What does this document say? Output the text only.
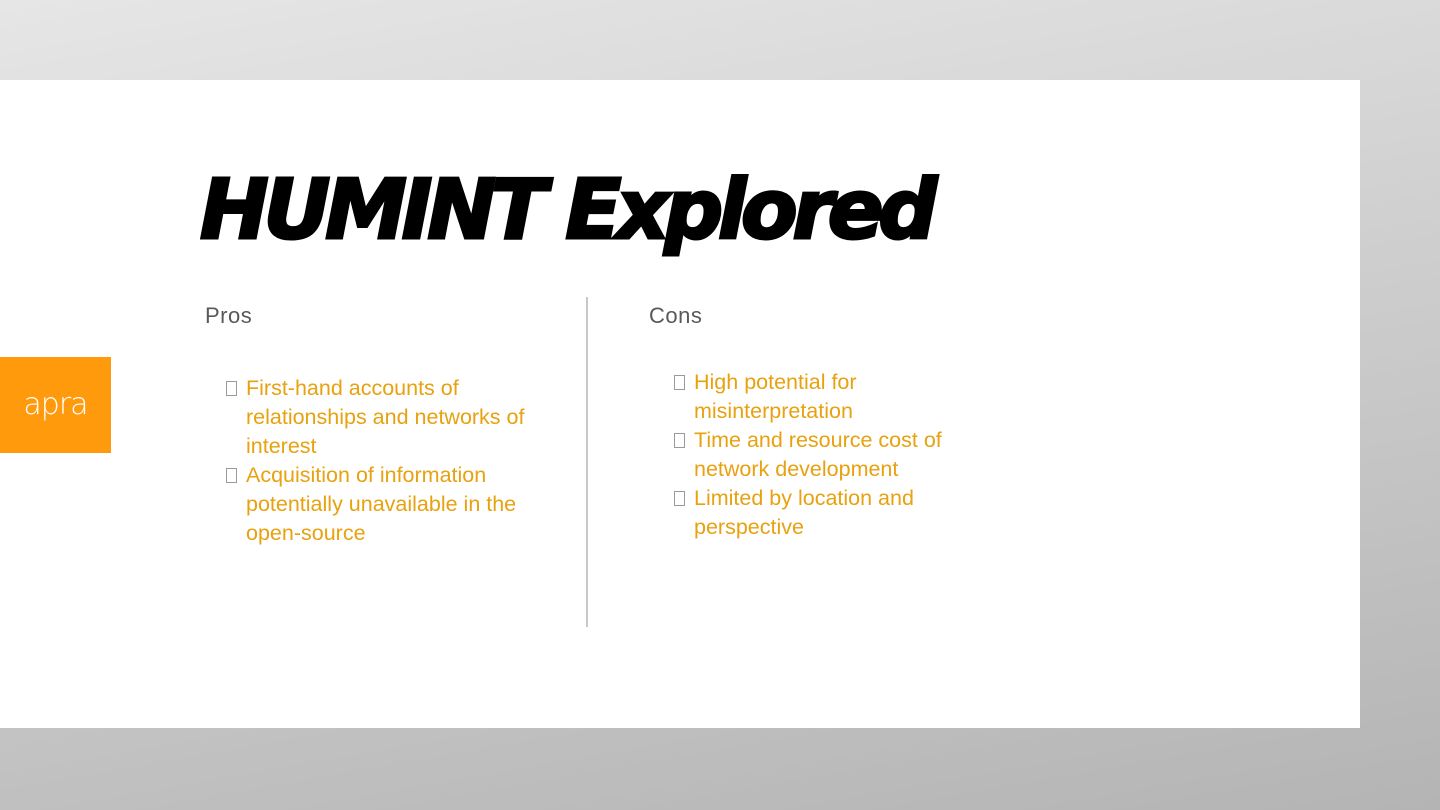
HUMINT Explored
apra
Pros	Cons
First-hand accounts of relationships and networks of interest
Acquisition of information potentially unavailable in the open-source
High potential for misinterpretation
Time and resource cost of network development
Limited by location and perspective
